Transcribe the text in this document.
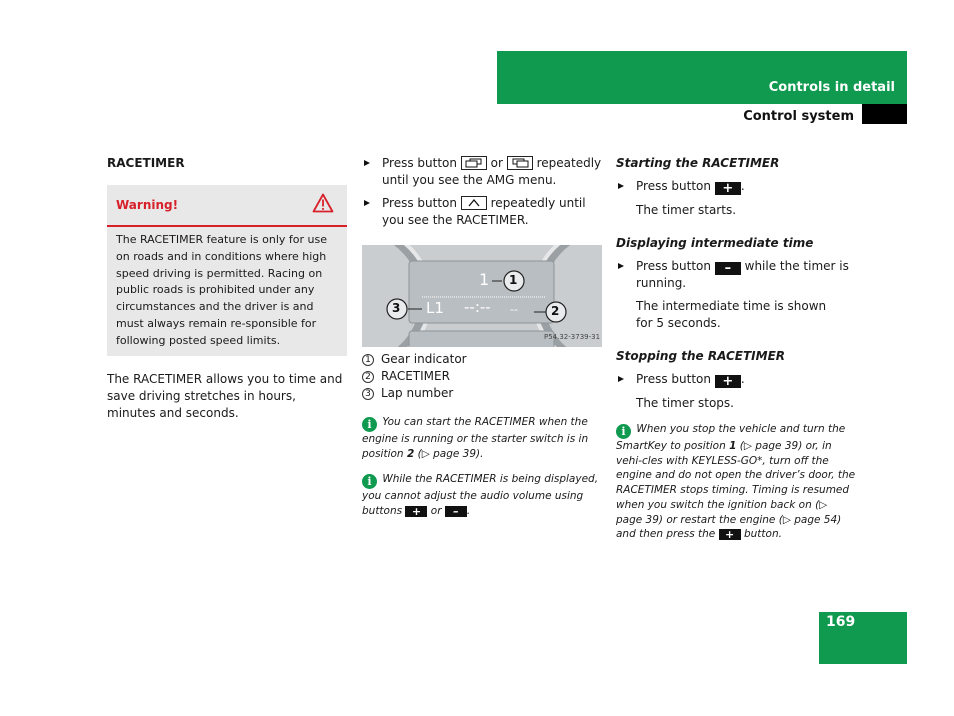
Controls in detail
Control system
RACETIMER
Warning!
The RACETIMER feature is only for use on roads and in conditions where high speed driving is permitted. Racing on public roads is prohibited under any circumstances and the driver is and must always remain re-sponsible for following posted speed limits.
The RACETIMER allows you to time and save driving stretches in hours, minutes and seconds.
Press button	or	repeatedly until you see the AMG menu.
Press button	repeatedly until you see the RACETIMER.
1
L1 --:-- --
1
2
3
P54.32-3739-31
1 Gear indicator
2 RACETIMER
3 Lap number
i You can start the RACETIMER when the engine is running or the starter switch is in position 2 (▷ page 39).
i While the RACETIMER is being displayed, you cannot adjust the audio volume using buttons + or – .
Starting the RACETIMER
Press button + .
The timer starts.
Displaying intermediate time
Press button – while the timer is running.
The intermediate time is shown for 5 seconds.
Stopping the RACETIMER
Press button + .
The timer stops.
i When you stop the vehicle and turn the SmartKey to position 1 (▷ page 39) or, in vehi-cles with KEYLESS-GO*, turn off the engine and do not open the driver’s door, the RACETIMER stops timing. Timing is resumed when you switch the ignition back on (▷ page 39) or restart the engine (▷ page 54) and then press the + button.
169
